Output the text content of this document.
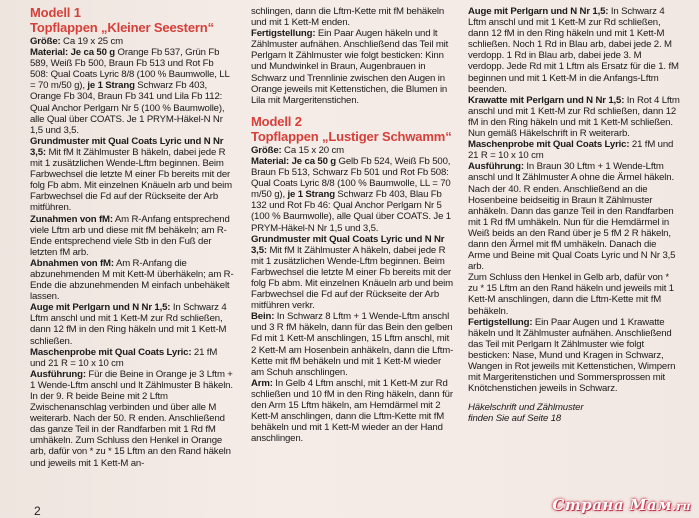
Modell 1
Topflappen „Kleiner Seestern“

Größe: Ca 19 x 25 cm

Material: Je ca 50 g Orange Fb 537, Grün Fb 589, Weiß Fb 500, Braun Fb 513 und Rot Fb 508: Qual Coats Lyric 8/8 (100 % Baumwolle, LL = 70 m/50 g), je 1 Strang Schwarz Fb 403, Orange Fb 304, Braun Fb 341 und Lila Fb 112: Qual Anchor Perlgarn Nr 5 (100 % Baumwolle), alle Qual über COATS. Je 1 PRYM-Häkel-N Nr 1,5 und 3,5.

Grundmuster mit Qual Coats Lyric und N Nr 3,5: Mit fM lt Zählmuster B häkeln, dabei jede R mit 1 zusätzlichen Wende-Lftm beginnen. Beim Farbwechsel die letzte M einer Fb bereits mit der folg Fb abm. Mit einzelnen Knäueln arb und beim Farbwechsel die Fd auf der Rückseite der Arb mitführen.

Zunahmen von fM: Am R-Anfang entsprechend viele Lftm arb und diese mit fM behäkeln; am R-Ende entsprechend viele Stb in den Fuß der letzten fM arb.

Abnahmen von fM: Am R-Anfang die abzunehmenden M mit Kett-M überhäkeln; am R-Ende die abzunehmenden M einfach unbehäkelt lassen.

Auge mit Perlgarn und N Nr 1,5: In Schwarz 4 Lftm anschl und mit 1 Kett-M zur Rd schließen, dann 12 fM in den Ring häkeln und mit 1 Kett-M schließen.

Maschenprobe mit Qual Coats Lyric: 21 fM und 21 R = 10 x 10 cm

Ausführung: Für die Beine in Orange je 3 Lftm + 1 Wende-Lftm anschl und lt Zählmuster B häkeln. In der 9. R beide Beine mit 2 Lftm Zwischenanschlag verbinden und über alle M weiterarb. Nach der 50. R enden. Anschließend das ganze Teil in der Randfarben mit 1 Rd fM umhäkeln. Zum Schluss den Henkel in Orange arb, dafür von * zu * 15 Lftm an den Rand häkeln und jeweils mit 1 Kett-M an-

schlingen, dann die Lftm-Kette mit fM behäkeln und mit 1 Kett-M enden.

Fertigstellung: Ein Paar Augen häkeln und lt Zählmuster aufnähen. Anschließend das Teil mit Perlgarn lt Zählmuster wie folgt besticken: Kinn und Mundwinkel in Braun, Augenbrauen in Schwarz und Trennlinie zwischen den Augen in Orange jeweils mit Kettenstichen, die Blumen in Lila mit Margeritenstichen.

Modell 2
Topflappen „Lustiger Schwamm“

Größe: Ca 15 x 20 cm

Material: Je ca 50 g Gelb Fb 524, Weiß Fb 500, Braun Fb 513, Schwarz Fb 501 und Rot Fb 508: Qual Coats Lyric 8/8 (100 % Baumwolle, LL = 70 m/50 g), je 1 Strang Schwarz Fb 403, Blau Fb 132 und Rot Fb 46: Qual Anchor Perlgarn Nr 5 (100 % Baumwolle), alle Qual über COATS. Je 1 PRYM-Häkel-N Nr 1,5 und 3,5.

Grundmuster mit Qual Coats Lyric und N Nr 3,5: Mit fM lt Zählmuster A häkeln, dabei jede R mit 1 zusätzlichen Wende-Lftm beginnen. Beim Farbwechsel die letzte M einer Fb bereits mit der folg Fb abm. Mit einzelnen Knäueln arb und beim Farbwechsel die Fd auf der Rückseite der Arb mitführen verkr.

Bein: In Schwarz 8 Lftm + 1 Wende-Lftm anschl und 3 R fM häkeln, dann für das Bein den gelben Fd mit 1 Kett-M anschlingen, 15 Lftm anschl, mit 2 Kett-M am Hosenbein anhäkeln, dann die Lftm-Kette mit fM behäkeln und mit 1 Kett-M wieder am Schuh anschlingen.

Arm: In Gelb 4 Lftm anschl, mit 1 Kett-M zur Rd schließen und 10 fM in den Ring häkeln, dann für den Arm 15 Lftm häkeln, am Hemdärmel mit 2 Kett-M anschlingen, dann die Lftm-Kette mit fM behäkeln und mit 1 Kett-M wieder an der Hand anschlingen.

Auge mit Perlgarn und N Nr 1,5: In Schwarz 4 Lftm anschl und mit 1 Kett-M zur Rd schließen, dann 12 fM in den Ring häkeln und mit 1 Kett-M schließen. Noch 1 Rd in Blau arb, dabei jede 2. M verdopp. 1 Rd in Blau arb, dabei jede 3. M verdopp. Jede Rd mit 1 Lftm als Ersatz für die 1. fM beginnen und mit 1 Kett-M in die Anfangs-Lftm beenden.

Krawatte mit Perlgarn und N Nr 1,5: In Rot 4 Lftm anschl und mit 1 Kett-M zur Rd schließen, dann 12 fM in den Ring häkeln und mit 1 Kett-M schließen. Nun gemäß Häkelschrift in R weiterarb.

Maschenprobe mit Qual Coats Lyric: 21 fM und 21 R = 10 x 10 cm

Ausführung: In Braun 30 Lftm + 1 Wende-Lftm anschl und lt Zählmuster A ohne die Ärmel häkeln. Nach der 40. R enden. Anschließend an die Hosenbeine beidseitig in Braun lt Zählmuster anhäkeln. Dann das ganze Teil in den Randfarben mit 1 Rd fM umhäkeln. Nun für die Hemdärmel in Weiß beids an den Rand über je 5 fM 2 R häkeln, dann den Ärmel mit fM umhäkeln. Danach die Arme und Beine mit Qual Coats Lyric und N Nr 3,5 arb.

Zum Schluss den Henkel in Gelb arb, dafür von * zu * 15 Lftm an den Rand häkeln und jeweils mit 1 Kett-M anschlingen, dann die Lftm-Kette mit fM behäkeln.

Fertigstellung: Ein Paar Augen und 1 Krawatte häkeln und lt Zählmuster aufnähen. Anschließend das Teil mit Perlgarn lt Zählmuster wie folgt besticken: Nase, Mund und Kragen in Schwarz, Wangen in Rot jeweils mit Kettenstichen, Wimpern mit Margeritenstichen und Sommersprossen mit Knötchenstichen jeweils in Schwarz.

Häkelschrift und Zählmuster
finden Sie auf Seite 18
2	Страна Мам.ru
